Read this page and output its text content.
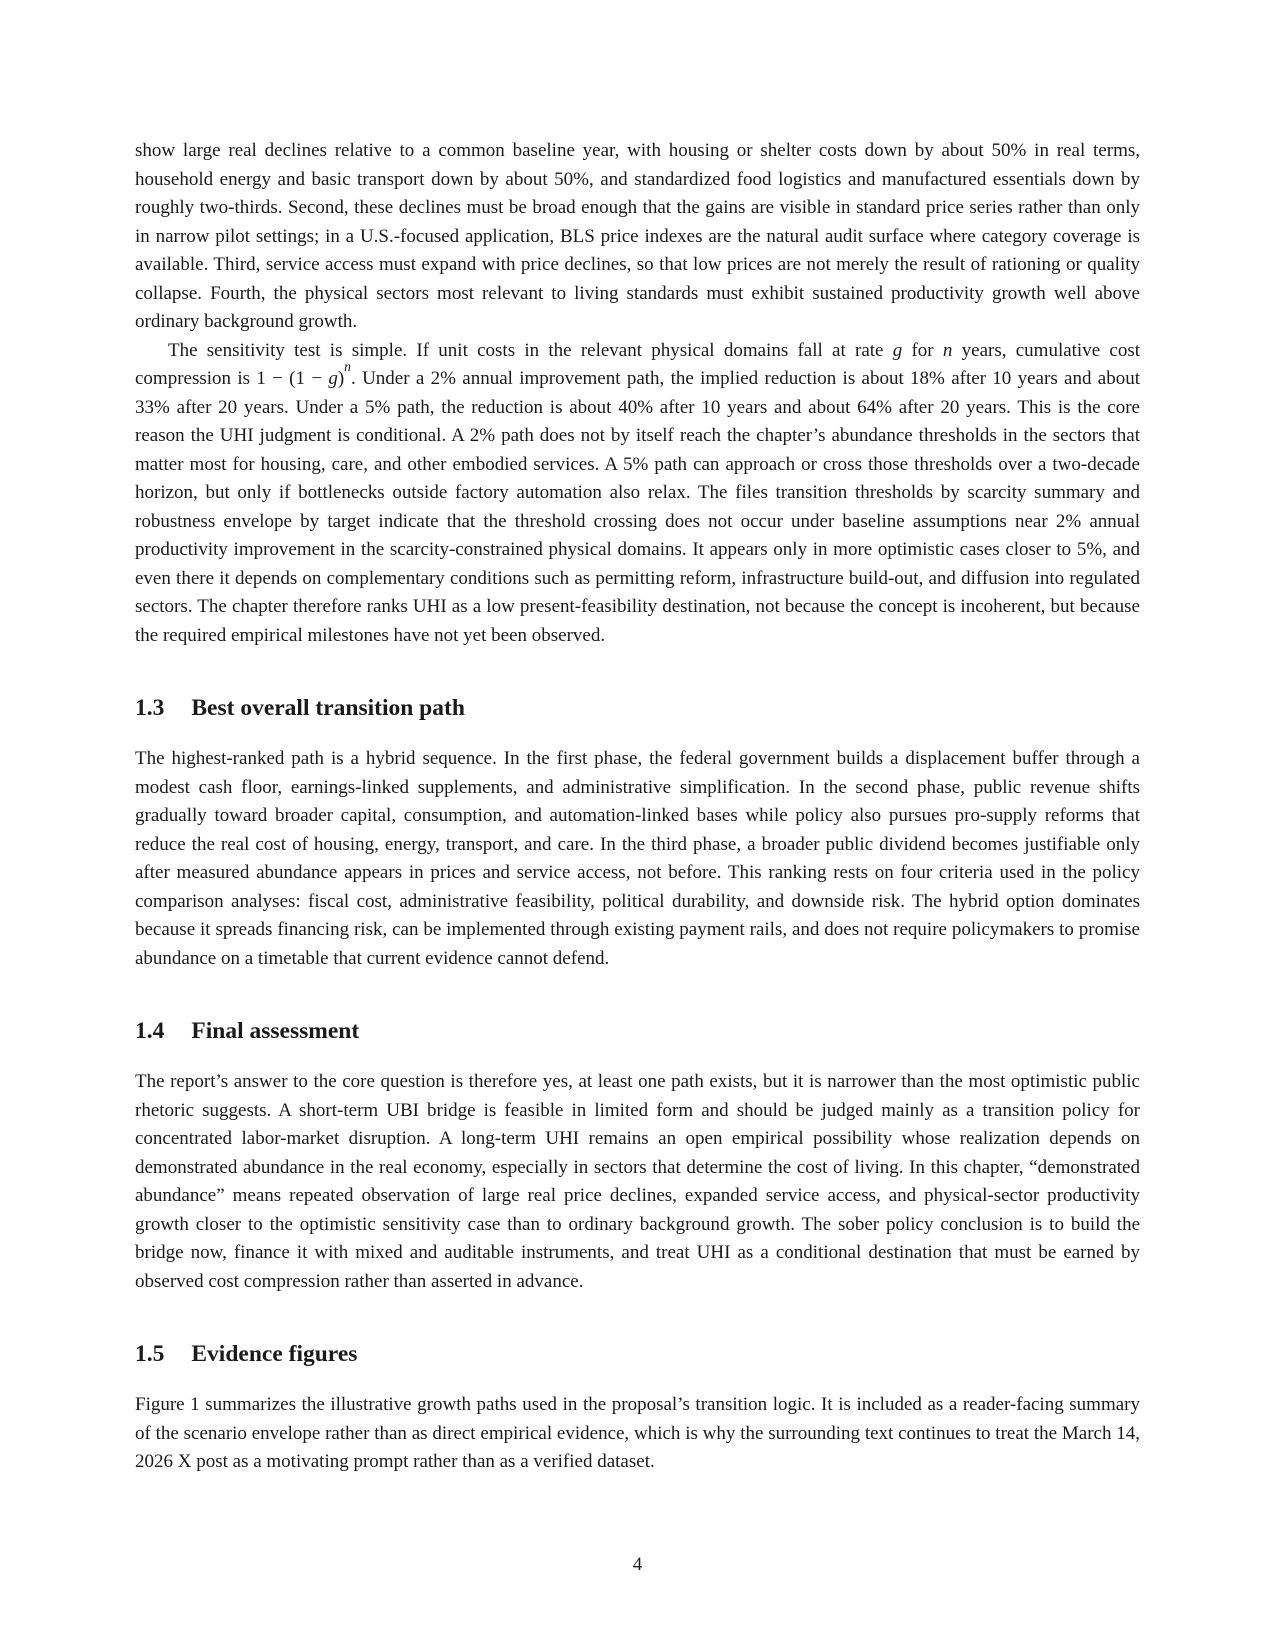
show large real declines relative to a common baseline year, with housing or shelter costs down by about 50% in real terms, household energy and basic transport down by about 50%, and standardized food logistics and manufactured essentials down by roughly two-thirds. Second, these declines must be broad enough that the gains are visible in standard price series rather than only in narrow pilot settings; in a U.S.-focused application, BLS price indexes are the natural audit surface where category coverage is available. Third, service access must expand with price declines, so that low prices are not merely the result of rationing or quality collapse. Fourth, the physical sectors most relevant to living standards must exhibit sustained productivity growth well above ordinary background growth.

The sensitivity test is simple. If unit costs in the relevant physical domains fall at rate g for n years, cumulative cost compression is $1 - (1 - g)^n$. Under a 2% annual improvement path, the implied reduction is about 18% after 10 years and about 33% after 20 years. Under a 5% path, the reduction is about 40% after 10 years and about 64% after 20 years. This is the core reason the UHI judgment is conditional. A 2% path does not by itself reach the chapter’s abundance thresholds in the sectors that matter most for housing, care, and other embodied services. A 5% path can approach or cross those thresholds over a two-decade horizon, but only if bottlenecks outside factory automation also relax. The files transition thresholds by scarcity summary and robustness envelope by target indicate that the threshold crossing does not occur under baseline assumptions near 2% annual productivity improvement in the scarcity-constrained physical domains. It appears only in more optimistic cases closer to 5%, and even there it depends on complementary conditions such as permitting reform, infrastructure build-out, and diffusion into regulated sectors. The chapter therefore ranks UHI as a low present-feasibility destination, not because the concept is incoherent, but because the required empirical milestones have not yet been observed.

1.3 Best overall transition path

The highest-ranked path is a hybrid sequence. In the first phase, the federal government builds a displacement buffer through a modest cash floor, earnings-linked supplements, and administrative simplification. In the second phase, public revenue shifts gradually toward broader capital, consumption, and automation-linked bases while policy also pursues pro-supply reforms that reduce the real cost of housing, energy, transport, and care. In the third phase, a broader public dividend becomes justifiable only after measured abundance appears in prices and service access, not before. This ranking rests on four criteria used in the policy comparison analyses: fiscal cost, administrative feasibility, political durability, and downside risk. The hybrid option dominates because it spreads financing risk, can be implemented through existing payment rails, and does not require policymakers to promise abundance on a timetable that current evidence cannot defend.

1.4 Final assessment

The report’s answer to the core question is therefore yes, at least one path exists, but it is narrower than the most optimistic public rhetoric suggests. A short-term UBI bridge is feasible in limited form and should be judged mainly as a transition policy for concentrated labor-market disruption. A long-term UHI remains an open empirical possibility whose realization depends on demonstrated abundance in the real economy, especially in sectors that determine the cost of living. In this chapter, “demonstrated abundance” means repeated observation of large real price declines, expanded service access, and physical-sector productivity growth closer to the optimistic sensitivity case than to ordinary background growth. The sober policy conclusion is to build the bridge now, finance it with mixed and auditable instruments, and treat UHI as a conditional destination that must be earned by observed cost compression rather than asserted in advance.

1.5 Evidence figures

Figure 1 summarizes the illustrative growth paths used in the proposal’s transition logic. It is included as a reader-facing summary of the scenario envelope rather than as direct empirical evidence, which is why the surrounding text continues to treat the March 14, 2026 X post as a motivating prompt rather than as a verified dataset.

4
